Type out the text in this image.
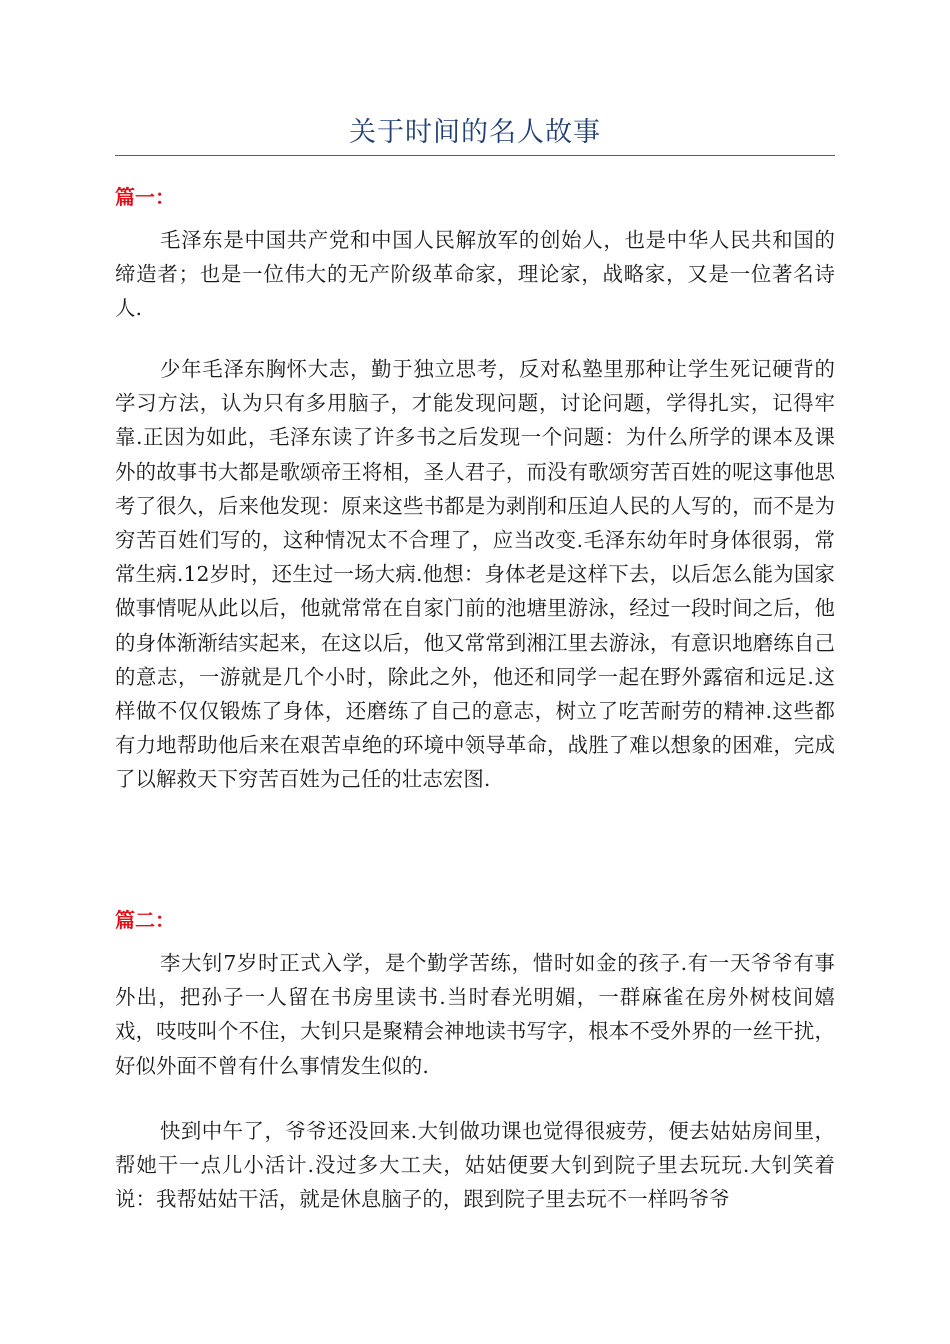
关于时间的名人故事
篇一：

毛泽东是中国共产党和中国人民解放军的创始人，也是中华人民共和国的缔造者；也是一位伟大的无产阶级革命家，理论家，战略家，又是一位著名诗人.

少年毛泽东胸怀大志，勤于独立思考，反对私塾里那种让学生死记硬背的学习方法，认为只有多用脑子，才能发现问题，讨论问题，学得扎实，记得牢靠.正因为如此，毛泽东读了许多书之后发现一个问题：为什么所学的课本及课外的故事书大都是歌颂帝王将相，圣人君子，而没有歌颂穷苦百姓的呢这事他思考了很久，后来他发现：原来这些书都是为剥削和压迫人民的人写的，而不是为穷苦百姓们写的，这种情况太不合理了，应当改变.毛泽东幼年时身体很弱，常常生病.12岁时，还生过一场大病.他想：身体老是这样下去，以后怎么能为国家做事情呢从此以后，他就常常在自家门前的池塘里游泳，经过一段时间之后，他的身体渐渐结实起来，在这以后，他又常常到湘江里去游泳，有意识地磨练自己的意志，一游就是几个小时，除此之外，他还和同学一起在野外露宿和远足.这样做不仅仅锻炼了身体，还磨练了自己的意志，树立了吃苦耐劳的精神.这些都有力地帮助他后来在艰苦卓绝的环境中领导革命，战胜了难以想象的困难，完成了以解救天下穷苦百姓为己任的壮志宏图.

篇二：

李大钊7岁时正式入学，是个勤学苦练，惜时如金的孩子.有一天爷爷有事外出，把孙子一人留在书房里读书.当时春光明媚，一群麻雀在房外树枝间嬉戏，吱吱叫个不住，大钊只是聚精会神地读书写字，根本不受外界的一丝干扰，好似外面不曾有什么事情发生似的.

快到中午了，爷爷还没回来.大钊做功课也觉得很疲劳，便去姑姑房间里，帮她干一点儿小活计.没过多大工夫，姑姑便要大钊到院子里去玩玩.大钊笑着说：我帮姑姑干活，就是休息脑子的，跟到院子里去玩不一样吗爷爷
